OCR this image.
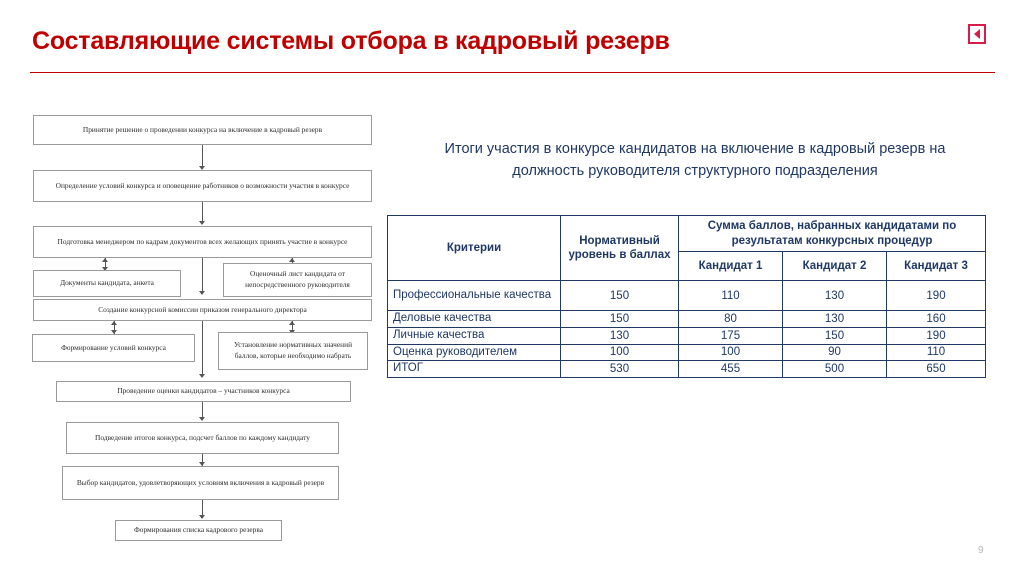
Составляющие системы отбора в кадровый резерв
Принятие решение о проведении конкурса на включение в кадровый резерв
Определение условий конкурса и оповещение работников о возможности участия в конкурсе
Подготовка менеджером по кадрам документов всех желающих принять участие в конкурсе
Документы кандидата, анкета
Оценочный лист кандидата от непосредственного руководителя
Создание конкурсной комиссии приказом генерального директора
Формирование условий конкурса	Установление нормативных значений баллов, которые необходимо набрать
Проведение оценки кандидатов – участников конкурса
Подведение итогов конкурса, подсчет баллов по каждому кандидату
Выбор кандидатов, удовлетворяющих условиям включения в кадровый резерв
Формирования списка кадрового резерва
Итоги участия в конкурсе кандидатов на включение в кадровый резерв на должность руководителя структурного подразделения
Критерии	Нормативный уровень в баллах	Сумма баллов, набранных кандидатами по результатам конкурсных процедур		
		Кандидат 1	Кандидат 2	Кандидат 3
Профессиональные качества	150	110	130	190
Деловые качества	150	80	130	160
Личные качества	130	175	150	190
Оценка руководителем	100	100	90	110
ИТОГ	530	455	500	650
9
